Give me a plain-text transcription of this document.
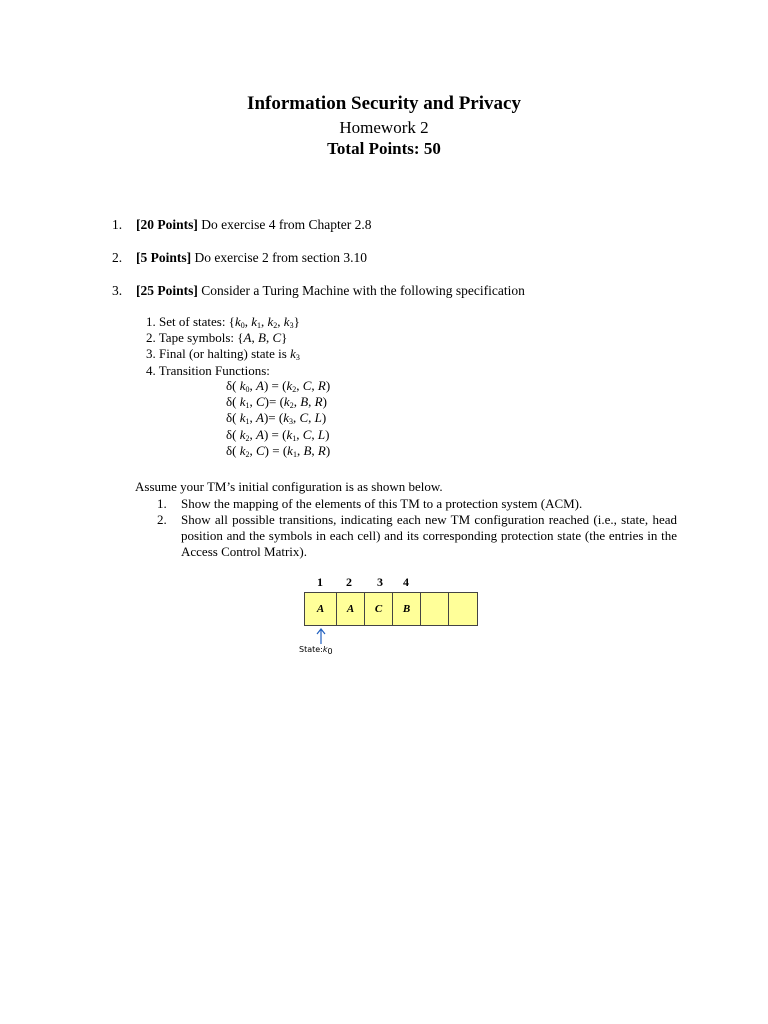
Information Security and Privacy
Homework 2
Total Points: 50
1. [20 Points] Do exercise 4 from Chapter 2.8
2. [5 Points] Do exercise 2 from section 3.10
3. [25 Points] Consider a Turing Machine with the following specification
1. Set of states: {$k_0$, $k_1$, $k_2$, $k_3$}
2. Tape symbols: {A, B, C}
3. Final (or halting) state is $k_3$
4. Transition Functions:
δ( $k_0$, $A) = (k_2$, C, R)
δ( $k_1$, $C)= (k_2$, B, R)
δ( $k_1$, $A)= (k_3$, C, L)
δ( $k_2$, $A) = (k_1$, C, L)
δ( $k_2$, $C) = (k_1$, B, R)
Assume your TM’s initial configuration is as shown below.
1.	Show the mapping of the elements of this TM to a protection system (ACM).
2.	Show all possible transitions, indicating each new TM configuration reached (i.e., state, head position and the symbols in each cell) and its corresponding protection state (the entries in the Access Control Matrix).
1	2	3	4
A	A	C	B
$State:k_0$
